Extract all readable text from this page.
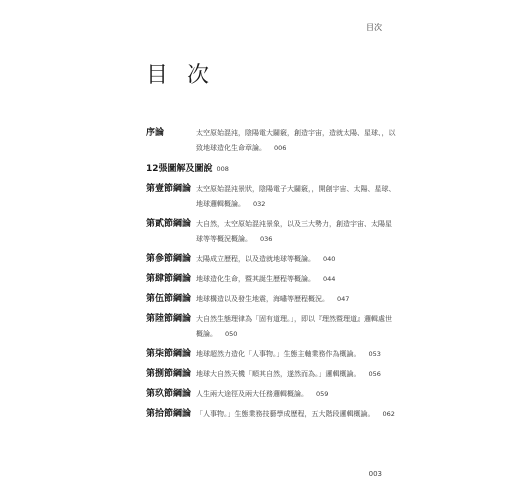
目次
目 次
序論	太空原始混沌，陰陽電大闢竅，創造宇宙，造就太陽、星球、，以致地球造化生命章論。 006
12張圖解及圖說 008
第壹節綱論 太空原始混沌景狀，陰陽電子大闢竅，，開創宇宙、太陽、星球、地球邏輯概論。 032
第貳節綱論 大自然，太空原始混沌景象，以及三大勢力，創造宇宙、太陽星球等等概況概論。 036
第參節綱論 太陽成立歷程，以及造就地球等概論。 040
第肆節綱論 地球造化生命，暨其誕生歷程等概論。 044
第伍節綱論 地球構造以及發生地震，海嘯等歷程概況。 047
第陸節綱論 大自然生態理律為「固有道理。」，即以『理然暨理道』邏輯處世概論。 050
第柒節綱論 地球超然力造化「人事物。」生態主軸業務作為概論。 053
第捌節綱論 地球大自然天機「順其自然，遂然而為。」邏輯概論。 056
第玖節綱論 人生兩大途徑及兩大任務邏輯概論。 059
第拾節綱論 「人事物。」生態業務技藝學成歷程，五大階段邏輯概論。 062
003
